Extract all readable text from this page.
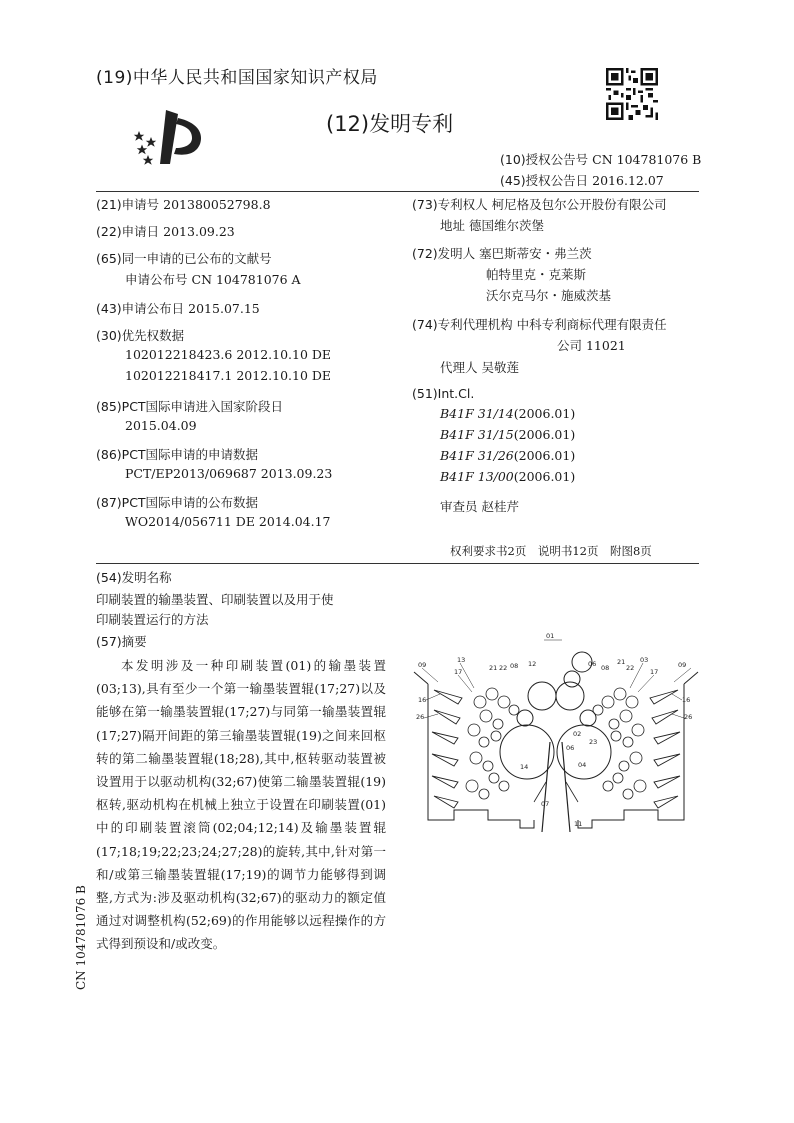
(19)中华人民共和国国家知识产权局
(12)发明专利
(10)授权公告号 CN 104781076 B
(45)授权公告日 2016.12.07
(21)申请号 201380052798.8
(22)申请日 2013.09.23
(65)同一申请的已公布的文献号
申请公布号 CN 104781076 A
(43)申请公布日 2015.07.15
(30)优先权数据
102012218423.6 2012.10.10 DE
102012218417.1 2012.10.10 DE
(85)PCT国际申请进入国家阶段日
2015.04.09
(86)PCT国际申请的申请数据
PCT/EP2013/069687 2013.09.23
(87)PCT国际申请的公布数据
WO2014/056711 DE 2014.04.17
(73)专利权人 柯尼格及包尔公开股份有限公司
地址 德国维尔茨堡
(72)发明人 塞巴斯蒂安・弗兰茨
帕特里克・克莱斯
沃尔克马尔・施威茨基
(74)专利代理机构 中科专利商标代理有限责任
公司 11021
代理人 吴敬莲
(51)Int.Cl.
B41F 31/14(2006.01)
B41F 31/15(2006.01)
B41F 31/26(2006.01)
B41F 13/00(2006.01)
审查员 赵桂芹
权利要求书2页　说明书12页　附图8页
(54)发明名称
印刷装置的输墨装置、印刷装置以及用于使
印刷装置运行的方法
(57)摘要

本发明涉及一种印刷装置(01)的输墨装置(03;13),具有至少一个第一输墨装置辊(17;27)以及能够在第一输墨装置辊(17;27)与同第一输墨装置辊(17;27)隔开间距的第三输墨装置辊(19)之间来回枢转的第二输墨装置辊(18;28),其中,枢转驱动装置被设置用于以驱动机构(32;67)使第二输墨装置辊(19)枢转,驱动机构在机械上独立于设置在印刷装置(01)中的印刷装置滚筒(02;04;12;14)及输墨装置辊(17;18;19;22;23;24;27;28)的旋转,其中,针对第一和/或第三输墨装置辊(17;19)的调节力能够得到调整,方式为:涉及驱动机构(32;67)的驱动力的额定值通过对调整机构(52;69)的作用能够以远程操作的方式得到预设和/或改变。

01
09
13
17	21 22 08 12
16
26
14
07
06 08
21
22
03
17
09
16
26
02
23
06
04
11
CN 104781076 B
